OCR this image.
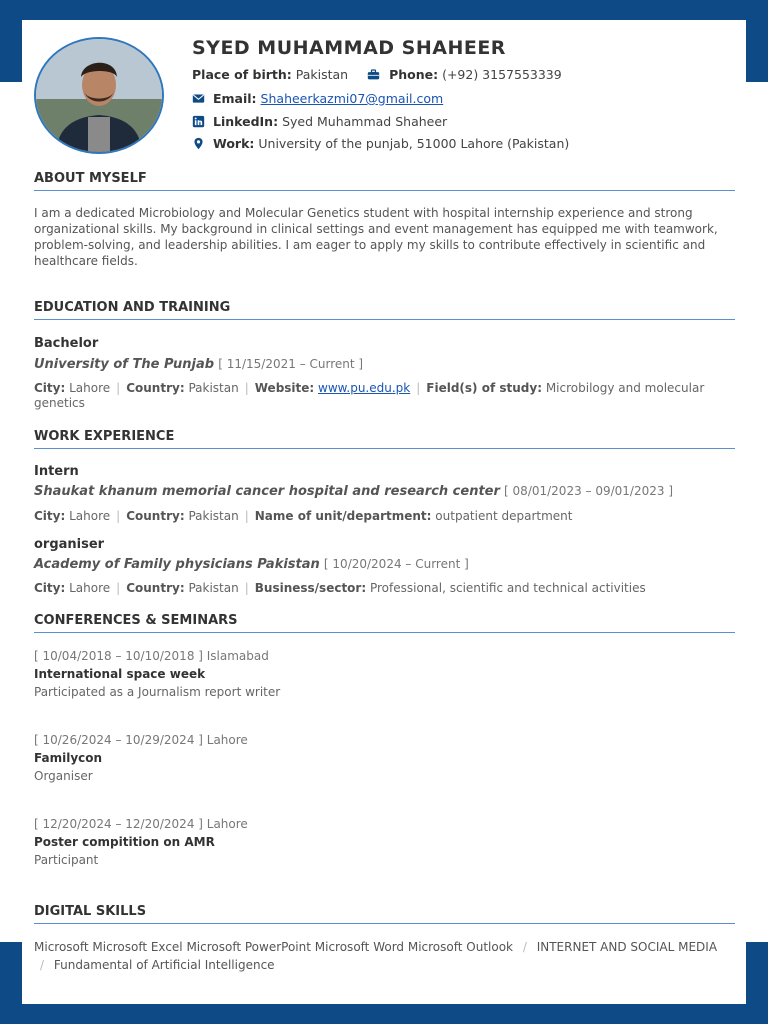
SYED MUHAMMAD SHAHEER
Place of birth: Pakistan	Phone: (+92) 3157553339
Email: Shaheerkazmi07@gmail.com
LinkedIn: Syed Muhammad Shaheer
Work: University of the punjab, 51000 Lahore (Pakistan)
ABOUT MYSELF

I am a dedicated Microbiology and Molecular Genetics student with hospital internship experience and strong organizational skills. My background in clinical settings and event management has equipped me with teamwork, problem-solving, and leadership abilities. I am eager to apply my skills to contribute effectively in scientific and healthcare fields.

EDUCATION AND TRAINING
Bachelor
University of The Punjab [ 11/15/2021 – Current ]
City: Lahore | Country: Pakistan | Website: www.pu.edu.pk | Field(s) of study: Microbilogy and molecular genetics
WORK EXPERIENCE
Intern
Shaukat khanum memorial cancer hospital and research center [ 08/01/2023 – 09/01/2023 ]
City: Lahore | Country: Pakistan | Name of unit/department: outpatient department
organiser
Academy of Family physicians Pakistan [ 10/20/2024 – Current ]
City: Lahore | Country: Pakistan | Business/sector: Professional, scientific and technical activities
CONFERENCES & SEMINARS
[ 10/04/2018 – 10/10/2018 ] Islamabad
International space week
Participated as a Journalism report writer
[ 10/26/2024 – 10/29/2024 ] Lahore
Familycon
Organiser
[ 12/20/2024 – 12/20/2024 ] Lahore
Poster compitition on AMR
Participant
DIGITAL SKILLS
Microsoft Microsoft Excel Microsoft PowerPoint Microsoft Word Microsoft Outlook / INTERNET AND SOCIAL MEDIA / Fundamental of Artificial Intelligence
